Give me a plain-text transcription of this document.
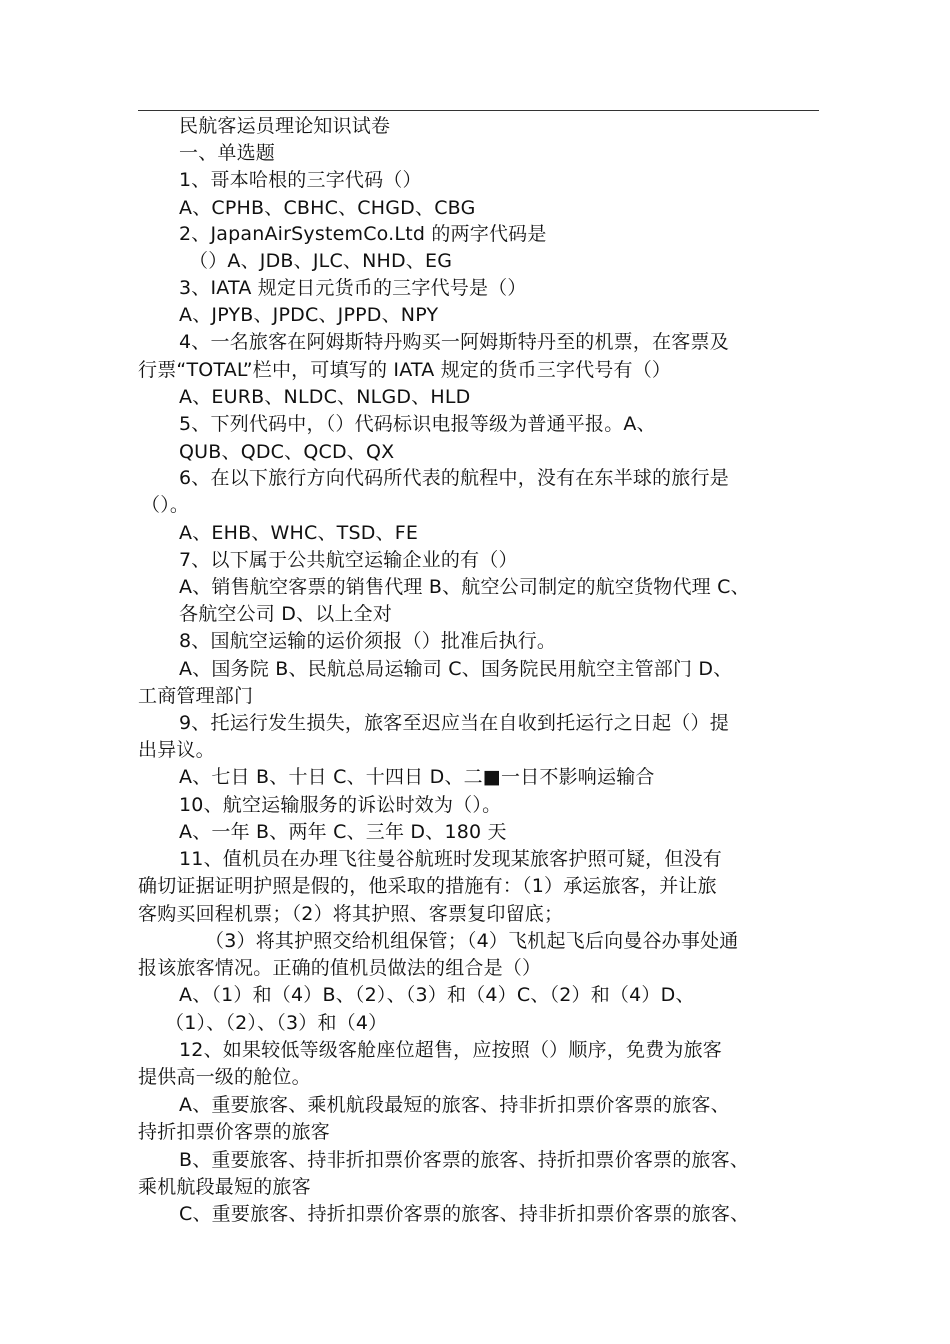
民航客运员理论知识试卷
一、单选题
1、哥本哈根的三字代码（）
A、CPHB、CBHC、CHGD、CBG
2、JapanAirSystemCo.Ltd 的两字代码是
（）A、JDB、JLC、NHD、EG
3、IATA 规定日元货币的三字代号是（）
A、JPYB、JPDC、JPPD、NPY
4、一名旅客在阿姆斯特丹购买一阿姆斯特丹至的机票，在客票及
行票“TOTAL”栏中，可填写的 IATA 规定的货币三字代号有（）
A、EURB、NLDC、NLGD、HLD
5、下列代码中，（）代码标识电报等级为普通平报。A、
QUB、QDC、QCD、QX
6、在以下旅行方向代码所代表的航程中，没有在东半球的旅行是
（）。
A、EHB、WHC、TSD、FE
7、以下属于公共航空运输企业的有（）
A、销售航空客票的销售代理 B、航空公司制定的航空货物代理 C、
各航空公司 D、以上全对
8、国航空运输的运价须报（）批准后执行。
A、国务院 B、民航总局运输司 C、国务院民用航空主管部门 D、
工商管理部门
9、托运行发生损失，旅客至迟应当在自收到托运行之日起（）提
出异议。
A、七日 B、十日 C、十四日 D、二■一日不影响运输合
10、航空运输服务的诉讼时效为（）。
A、一年 B、两年 C、三年 D、180 天
11、值机员在办理飞往曼谷航班时发现某旅客护照可疑，但没有
确切证据证明护照是假的，他采取的措施有：（1）承运旅客，并让旅
客购买回程机票；（2）将其护照、客票复印留底；
（3）将其护照交给机组保管；（4）飞机起飞后向曼谷办事处通
报该旅客情况。正确的值机员做法的组合是（）
A、（1）和（4）B、（2）、（3）和（4）C、（2）和（4）D、
（1）、（2）、（3）和（4）
12、如果较低等级客舱座位超售，应按照（）顺序，免费为旅客
提供高一级的舱位。
A、重要旅客、乘机航段最短的旅客、持非折扣票价客票的旅客、
持折扣票价客票的旅客
B、重要旅客、持非折扣票价客票的旅客、持折扣票价客票的旅客、
乘机航段最短的旅客
C、重要旅客、持折扣票价客票的旅客、持非折扣票价客票的旅客、
